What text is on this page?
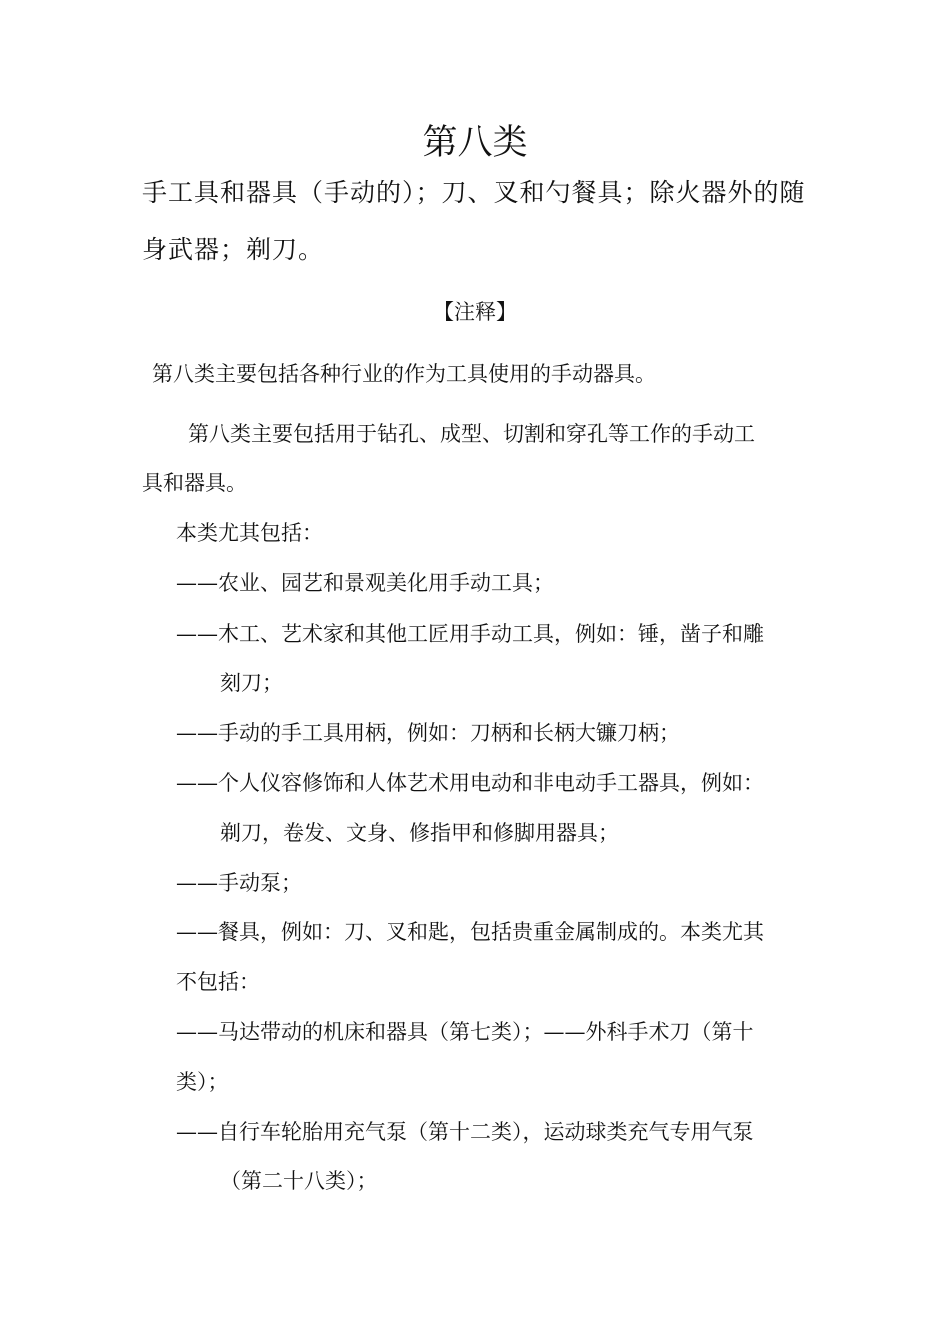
第八类
手工具和器具（手动的）；刀、叉和勺餐具；除火器外的随
身武器；剃刀。
【注释】
第八类主要包括各种行业的作为工具使用的手动器具。
第八类主要包括用于钻孔、成型、切割和穿孔等工作的手动工
具和器具。
本类尤其包括：
——农业、园艺和景观美化用手动工具；
——木工、艺术家和其他工匠用手动工具，例如：锤，凿子和雕
刻刀；
——手动的手工具用柄，例如：刀柄和长柄大镰刀柄；
——个人仪容修饰和人体艺术用电动和非电动手工器具，例如：
剃刀，卷发、文身、修指甲和修脚用器具；
——手动泵；
——餐具，例如：刀、叉和匙，包括贵重金属制成的。本类尤其
不包括：
——马达带动的机床和器具（第七类）；——外科手术刀（第十
类）；
——自行车轮胎用充气泵（第十二类），运动球类充气专用气泵
（第二十八类）；
